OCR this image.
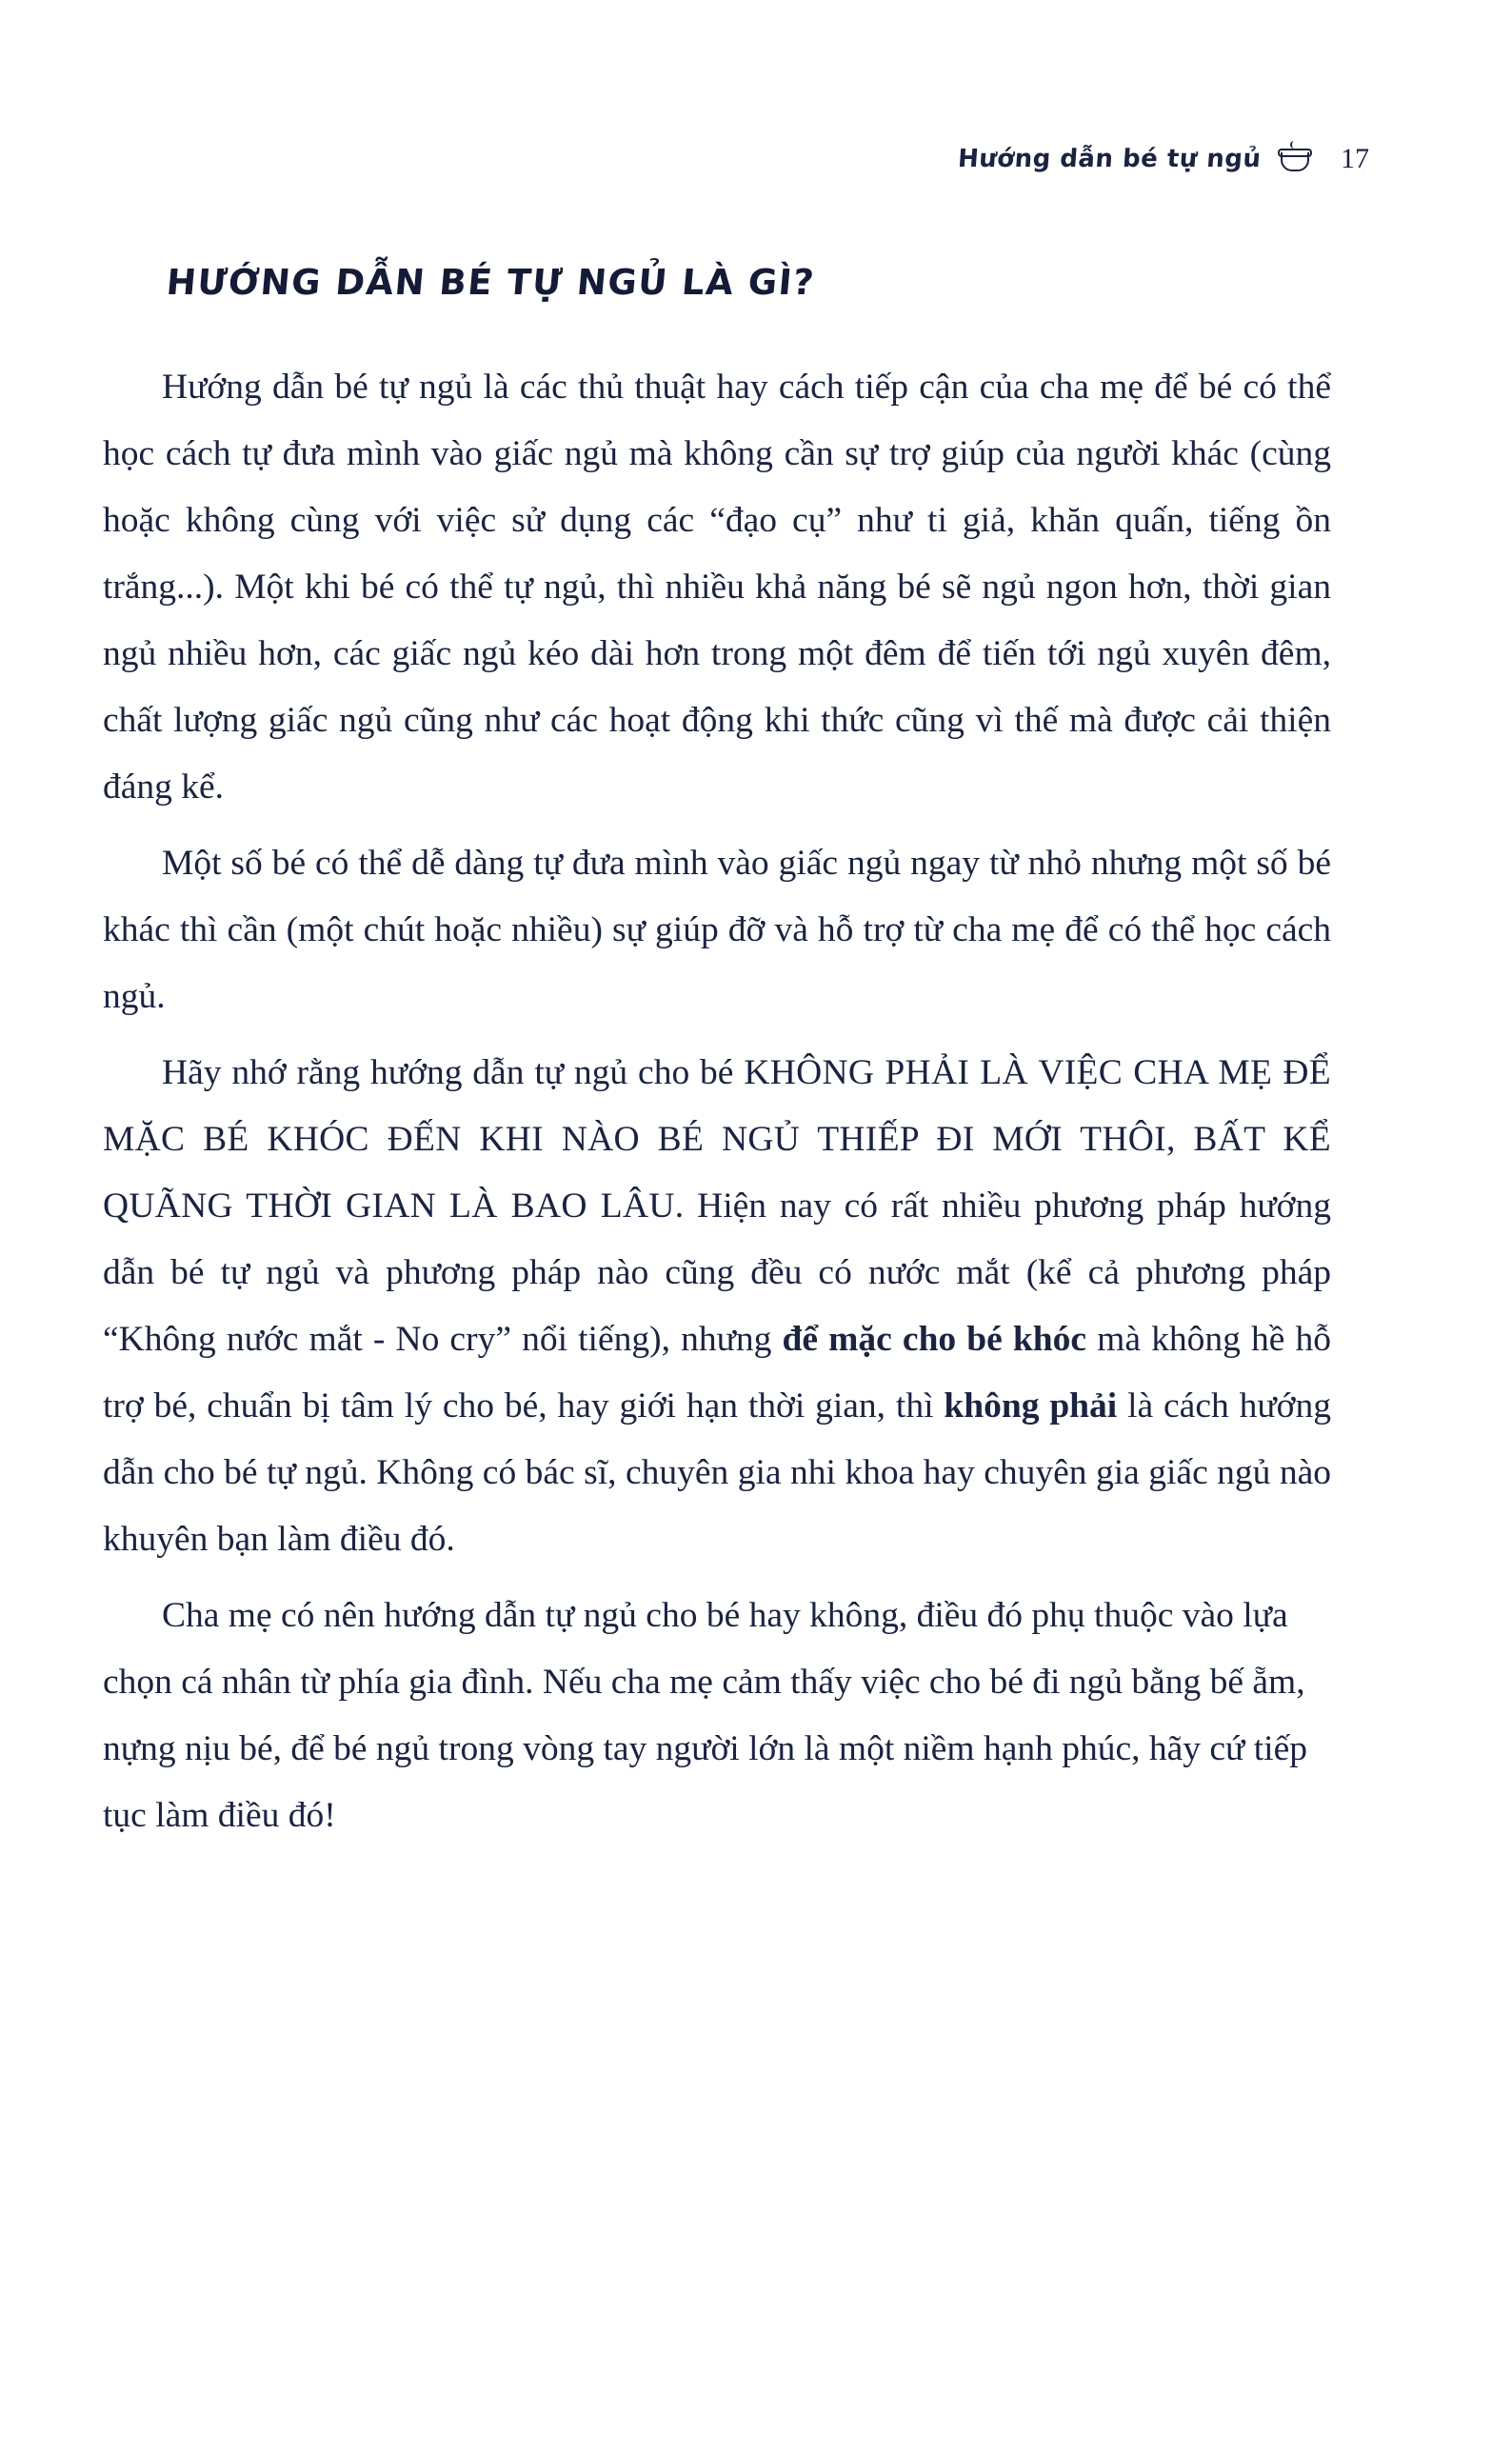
Hướng dẫn bé tự ngủ	17
HƯỚNG DẪN BÉ TỰ NGỦ LÀ GÌ?

Hướng dẫn bé tự ngủ là các thủ thuật hay cách tiếp cận của cha mẹ để bé có thể học cách tự đưa mình vào giấc ngủ mà không cần sự trợ giúp của người khác (cùng hoặc không cùng với việc sử dụng các “đạo cụ” như ti giả, khăn quấn, tiếng ồn trắng...). Một khi bé có thể tự ngủ, thì nhiều khả năng bé sẽ ngủ ngon hơn, thời gian ngủ nhiều hơn, các giấc ngủ kéo dài hơn trong một đêm để tiến tới ngủ xuyên đêm, chất lượng giấc ngủ cũng như các hoạt động khi thức cũng vì thế mà được cải thiện đáng kể.

Một số bé có thể dễ dàng tự đưa mình vào giấc ngủ ngay từ nhỏ nhưng một số bé khác thì cần (một chút hoặc nhiều) sự giúp đỡ và hỗ trợ từ cha mẹ để có thể học cách ngủ.

Hãy nhớ rằng hướng dẫn tự ngủ cho bé KHÔNG PHẢI LÀ VIỆC CHA MẸ ĐỂ MẶC BÉ KHÓC ĐẾN KHI NÀO BÉ NGỦ THIẾP ĐI MỚI THÔI, BẤT KỂ QUÃNG THỜI GIAN LÀ BAO LÂU. Hiện nay có rất nhiều phương pháp hướng dẫn bé tự ngủ và phương pháp nào cũng đều có nước mắt (kể cả phương pháp “Không nước mắt - No cry” nổi tiếng), nhưng để mặc cho bé khóc mà không hề hỗ trợ bé, chuẩn bị tâm lý cho bé, hay giới hạn thời gian, thì không phải là cách hướng dẫn cho bé tự ngủ. Không có bác sĩ, chuyên gia nhi khoa hay chuyên gia giấc ngủ nào khuyên bạn làm điều đó.

Cha mẹ có nên hướng dẫn tự ngủ cho bé hay không, điều đó phụ thuộc vào lựa chọn cá nhân từ phía gia đình. Nếu cha mẹ cảm thấy việc cho bé đi ngủ bằng bế ẵm, nựng nịu bé, để bé ngủ trong vòng tay người lớn là một niềm hạnh phúc, hãy cứ tiếp tục làm điều đó!
